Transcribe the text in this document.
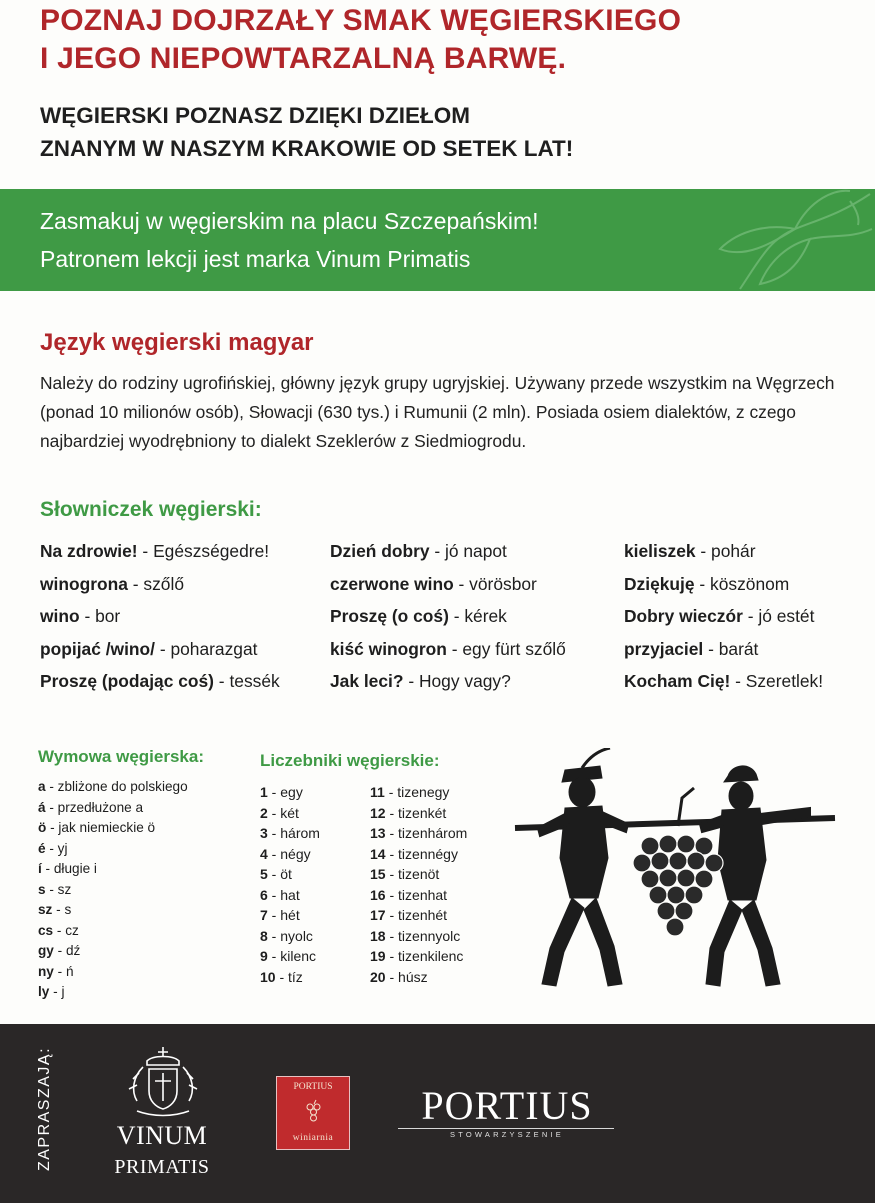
POZNAJ DOJRZAŁY SMAK WĘGIERSKIEGO
I JEGO NIEPOWTARZALNĄ BARWĘ.
WĘGIERSKI POZNASZ DZIĘKI DZIEŁOM
ZNANYM W NASZYM KRAKOWIE OD SETEK LAT!
Zasmakuj w węgierskim na placu Szczepańskim!
Patronem lekcji jest marka Vinum Primatis
Język węgierski magyar
Należy do rodziny ugrofińskiej, główny język grupy ugryjskiej. Używany przede wszystkim na Węgrzech (ponad 10 milionów osób), Słowacji (630 tys.) i Rumunii (2 mln). Posiada osiem dialektów, z czego najbardziej wyodrębniony to dialekt Szeklerów z Siedmiogrodu.
Słowniczek węgierski:
Na zdrowie! - Egészségedre!
winogrona - szőlő
wino - bor
popijać /wino/ - poharazgat
Proszę (podając coś) - tessék
Dzień dobry - jó napot
czerwone wino - vörösbor
Proszę (o coś) - kérek
kiść winogron - egy fürt szőlő
Jak leci? - Hogy vagy?
kieliszek - pohár
Dziękuję - köszönom
Dobry wieczór - jó estét
przyjaciel - barát
Kocham Cię! - Szeretlek!
Wymowa węgierska:
a - zbliżone do polskiego
á - przedłużone a
ö - jak niemieckie ö
é - yj
í - długie i
s - sz
sz - s
cs - cz
gy - dź
ny - ń
ly - j
Liczebniki węgierskie:
1 - egy
2 - két
3 - három
4 - négy
5 - öt
6 - hat
7 - hét
8 - nyolc
9 - kilenc
10 - tíz
11 - tizenegy
12 - tizenkét
13 - tizenhárom
14 - tizennégy
15 - tizenöt
16 - tizenhat
17 - tizenhét
18 - tizennyolc
19 - tizenkilenc
20 - húsz
ZAPRASZAJĄ:	VINUM
PRIMATIS
PORTIUS
winiarnia
PORTIUS
STOWARZYSZENIE
